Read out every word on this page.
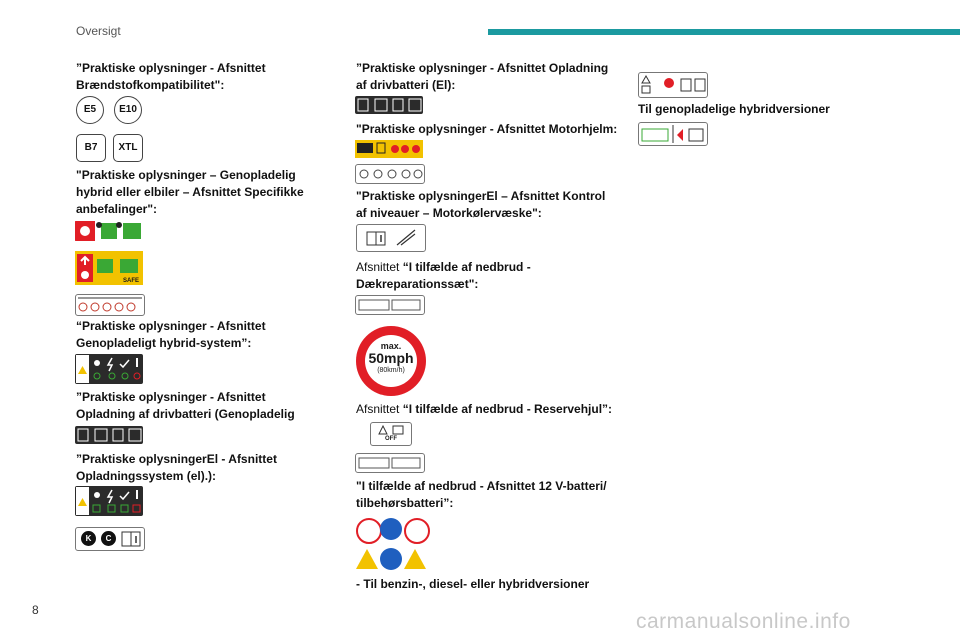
Oversigt
”Praktiske oplysninger - Afsnittet Brændstofkompatibilitet":
E5	E10
B7	XTL
"Praktiske oplysninger – Genopladelig hybrid eller elbiler – Afsnittet Specifikke anbefalinger":
SAFE
“Praktiske oplysninger - Afsnittet Genopladeligt hybrid-system”:
”Praktiske oplysninger - Afsnittet Opladning af drivbatteri (Genopladelig
”Praktiske oplysningerEl - Afsnittet Opladningssystem (el).):
K	C
”Praktiske oplysninger - Afsnittet Opladning af drivbatteri (El):
"Praktiske oplysninger - Afsnittet Motorhjelm:
"Praktiske oplysningerEl – Afsnittet Kontrol af niveauer – Motorkølervæske":
Afsnittet “I tilfælde af nedbrud - Dækreparationssæt":
max.
50mph
(80km/h)
Afsnittet “I tilfælde af nedbrud - Reservehjul”:
OFF
"I tilfælde af nedbrud - Afsnittet 12 V-batteri/ tilbehørsbatteri”:
- Til benzin-, diesel- eller hybridversioner
Til genopladelige hybridversioner
8	carmanualsonline.info
